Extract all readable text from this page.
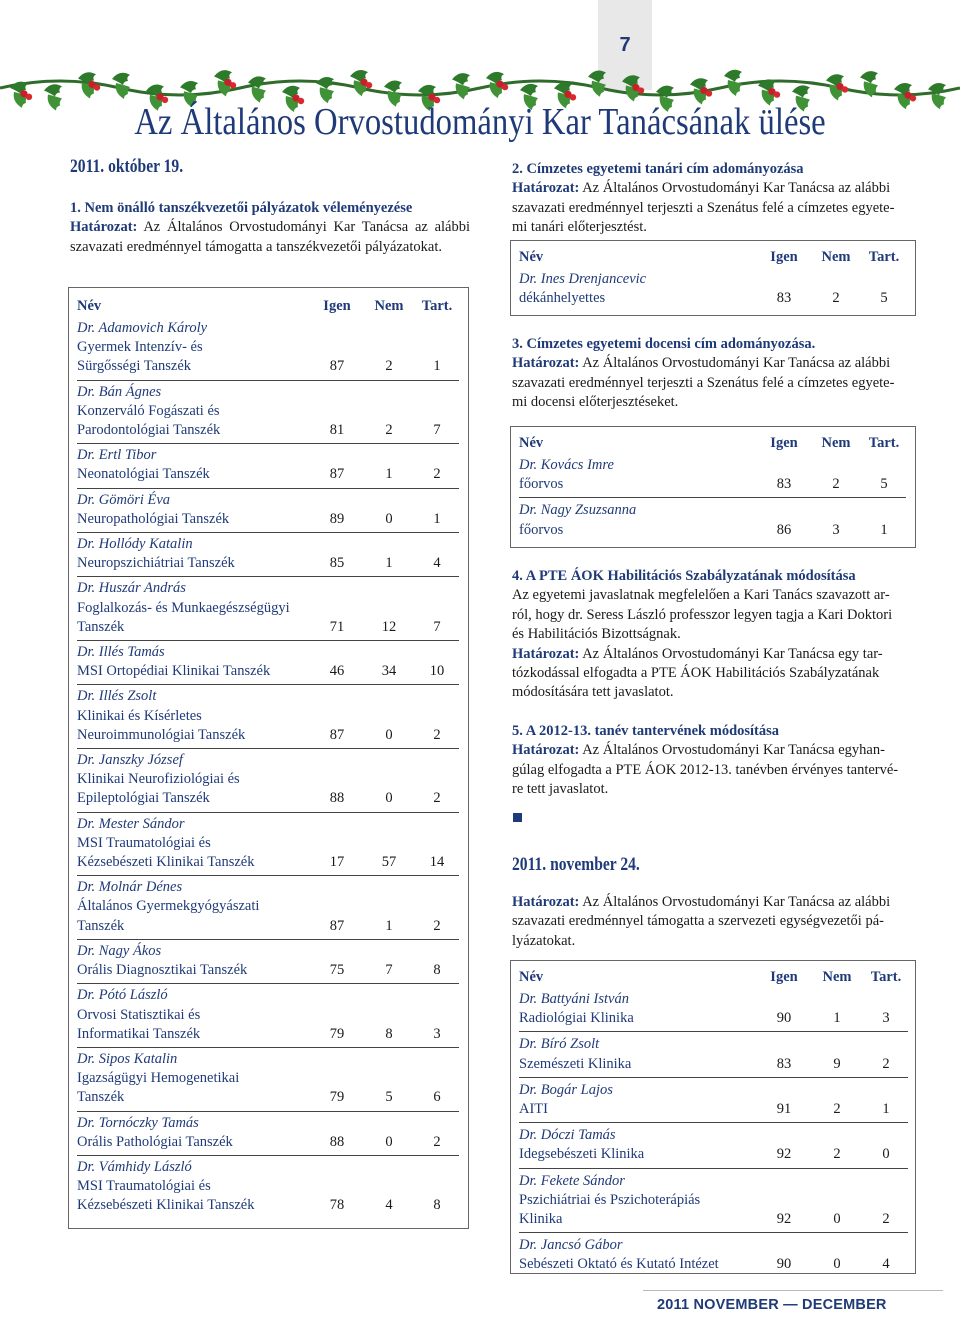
7
Az Általános Orvostudományi Kar Tanácsának ülése
2011. október 19.
1. Nem önálló tanszékvezetői pályázatok véleményezése
Határozat: Az Általános Orvostudományi Kar Tanácsa az alábbi szavazati eredménnyel támogatta a tanszékvezetői pályázatokat.
Név	Igen	Nem	Tart.
Dr. Adamovich Károly
Gyermek Intenzív- és
Sürgősségi Tanszék	87	2	1
Dr. Bán Ágnes
Konzerváló Fogászati és
Parodontológiai Tanszék	81	2	7
Dr. Ertl Tibor
Neonatológiai Tanszék	87	1	2
Dr. Gömöri Éva
Neuropathológiai Tanszék	89	0	1
Dr. Hollódy Katalin
Neuropszichiátriai Tanszék	85	1	4
Dr. Huszár András
Foglalkozás- és Munkaegészségügyi
Tanszék	71	12	7
Dr. Illés Tamás
MSI Ortopédiai Klinikai Tanszék	46	34	10
Dr. Illés Zsolt
Klinikai és Kísérletes
Neuroimmunológiai Tanszék	87	0	2
Dr. Janszky József
Klinikai Neurofiziológiai és
Epileptológiai Tanszék	88	0	2
Dr. Mester Sándor
MSI Traumatológiai és
Kézsebészeti Klinikai Tanszék	17	57	14
Dr. Molnár Dénes
Általános Gyermekgyógyászati
Tanszék	87	1	2
Dr. Nagy Ákos
Orális Diagnosztikai Tanszék	75	7	8
Dr. Pótó László
Orvosi Statisztikai és
Informatikai Tanszék	79	8	3
Dr. Sipos Katalin
Igazságügyi Hemogenetikai
Tanszék	79	5	6
Dr. Tornóczky Tamás
Orális Pathológiai Tanszék	88	0	2
Dr. Vámhidy László
MSI Traumatológiai és
Kézsebészeti Klinikai Tanszék	78	4	8
2. Címzetes egyetemi tanári cím adományozása
Határozat: Az Általános Orvostudományi Kar Tanácsa az alábbi
szavazati eredménnyel terjeszti a Szenátus felé a címzetes egyete-
mi tanári előterjesztést.
Név	Igen	Nem	Tart.
Dr. Ines Drenjancevic
dékánhelyettes	83	2	5
3. Címzetes egyetemi docensi cím adományozása.
Határozat: Az Általános Orvostudományi Kar Tanácsa az alábbi
szavazati eredménnyel terjeszti a Szenátus felé a címzetes egyete-
mi docensi előterjesztéseket.
Név	Igen	Nem	Tart.
Dr. Kovács Imre
főorvos	83	2	5
Dr. Nagy Zsuzsanna
főorvos	86	3	1
4. A PTE ÁOK Habilitációs Szabályzatának módosítása
Az egyetemi javaslatnak megfelelően a Kari Tanács szavazott ar-
ról, hogy dr. Seress László professzor legyen tagja a Kari Doktori
és Habilitációs Bizottságnak.
Határozat: Az Általános Orvostudományi Kar Tanácsa egy tar-
tózkodással elfogadta a PTE ÁOK Habilitációs Szabályzatának
módosítására tett javaslatot.
5. A 2012-13. tanév tantervének módosítása
Határozat: Az Általános Orvostudományi Kar Tanácsa egyhan-
gúlag elfogadta a PTE ÁOK 2012-13. tanévben érvényes tantervé-
re tett javaslatot.
2011. november 24.
Határozat: Az Általános Orvostudományi Kar Tanácsa az alábbi
szavazati eredménnyel támogatta a szervezeti egységvezetői pá-
lyázatokat.
Név	Igen	Nem	Tart.
Dr. Battyáni István
Radiológiai Klinika	90	1	3
Dr. Bíró Zsolt
Szemészeti Klinika	83	9	2
Dr. Bogár Lajos
AITI	91	2	1
Dr. Dóczi Tamás
Idegsebészeti Klinika	92	2	0
Dr. Fekete Sándor
Pszichiátriai és Pszichoterápiás
Klinika	92	0	2
Dr. Jancsó Gábor
Sebészeti Oktató és Kutató Intézet	90	0	4
2011 NOVEMBER — DECEMBER
